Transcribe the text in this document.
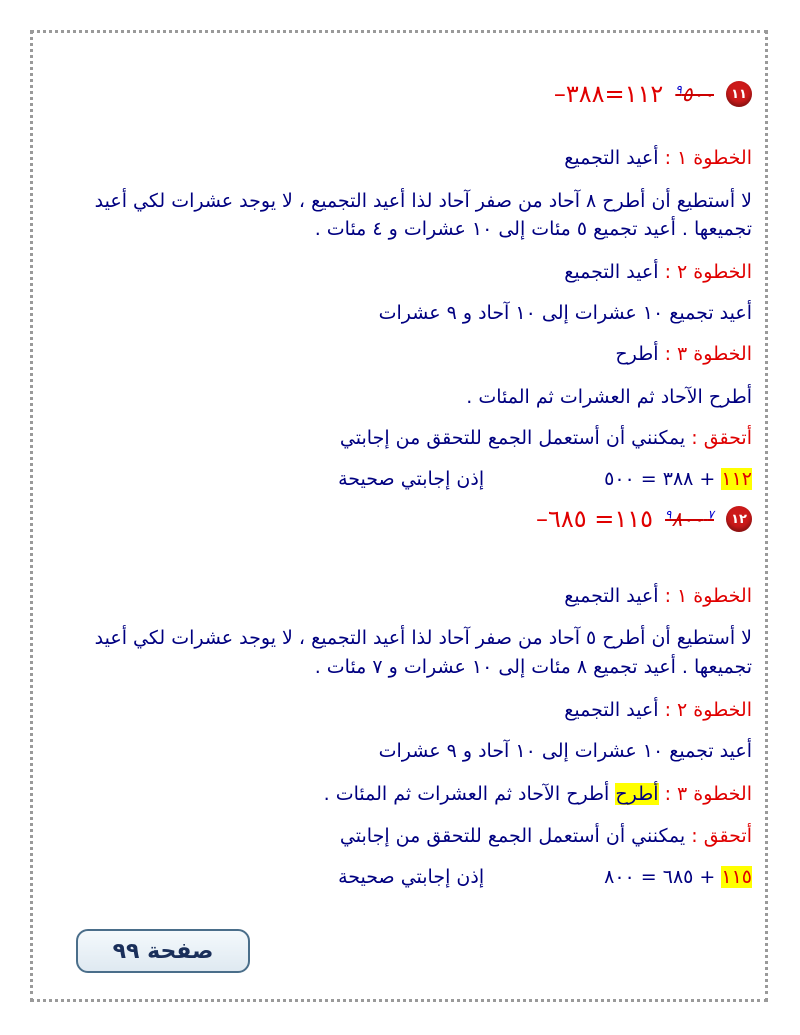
١١
$^٩$٥٠٠
١١٢=٣٨٨–
الخطوة ١ : أعيد التجميع
لا أستطيع أن أطرح ٨ آحاد من صفر آحاد لذا أعيد التجميع ، لا يوجد عشرات لكي أعيد
تجميعها . أعيد تجميع ٥ مئات إلى ١٠ عشرات و ٤ مئات .
الخطوة ٢ : أعيد التجميع
أعيد تجميع ١٠ عشرات إلى ١٠ آحاد و ٩ عشرات
الخطوة ٣ : أطرح
أطرح الآحاد ثم العشرات ثم المئات .
أتحقق : يمكنني أن أستعمل الجمع للتحقق من إجابتي
١١٢ + ٣٨٨ = ٥٠٠
إذن إجابتي صحيحة
١٢
$^{٧ ٩}$٨٠٠
١١٥= ٦٨٥–
الخطوة ١ : أعيد التجميع
لا أستطيع أن أطرح ٥ آحاد من صفر آحاد لذا أعيد التجميع ، لا يوجد عشرات لكي أعيد
تجميعها . أعيد تجميع ٨ مئات إلى ١٠ عشرات و ٧ مئات .
الخطوة ٢ : أعيد التجميع
أعيد تجميع ١٠ عشرات إلى ١٠ آحاد و ٩ عشرات
الخطوة ٣ : أطرح أطرح الآحاد ثم العشرات ثم المئات .
أتحقق : يمكنني أن أستعمل الجمع للتحقق من إجابتي
١١٥ + ٦٨٥ = ٨٠٠
إذن إجابتي صحيحة
صفحة ٩٩
